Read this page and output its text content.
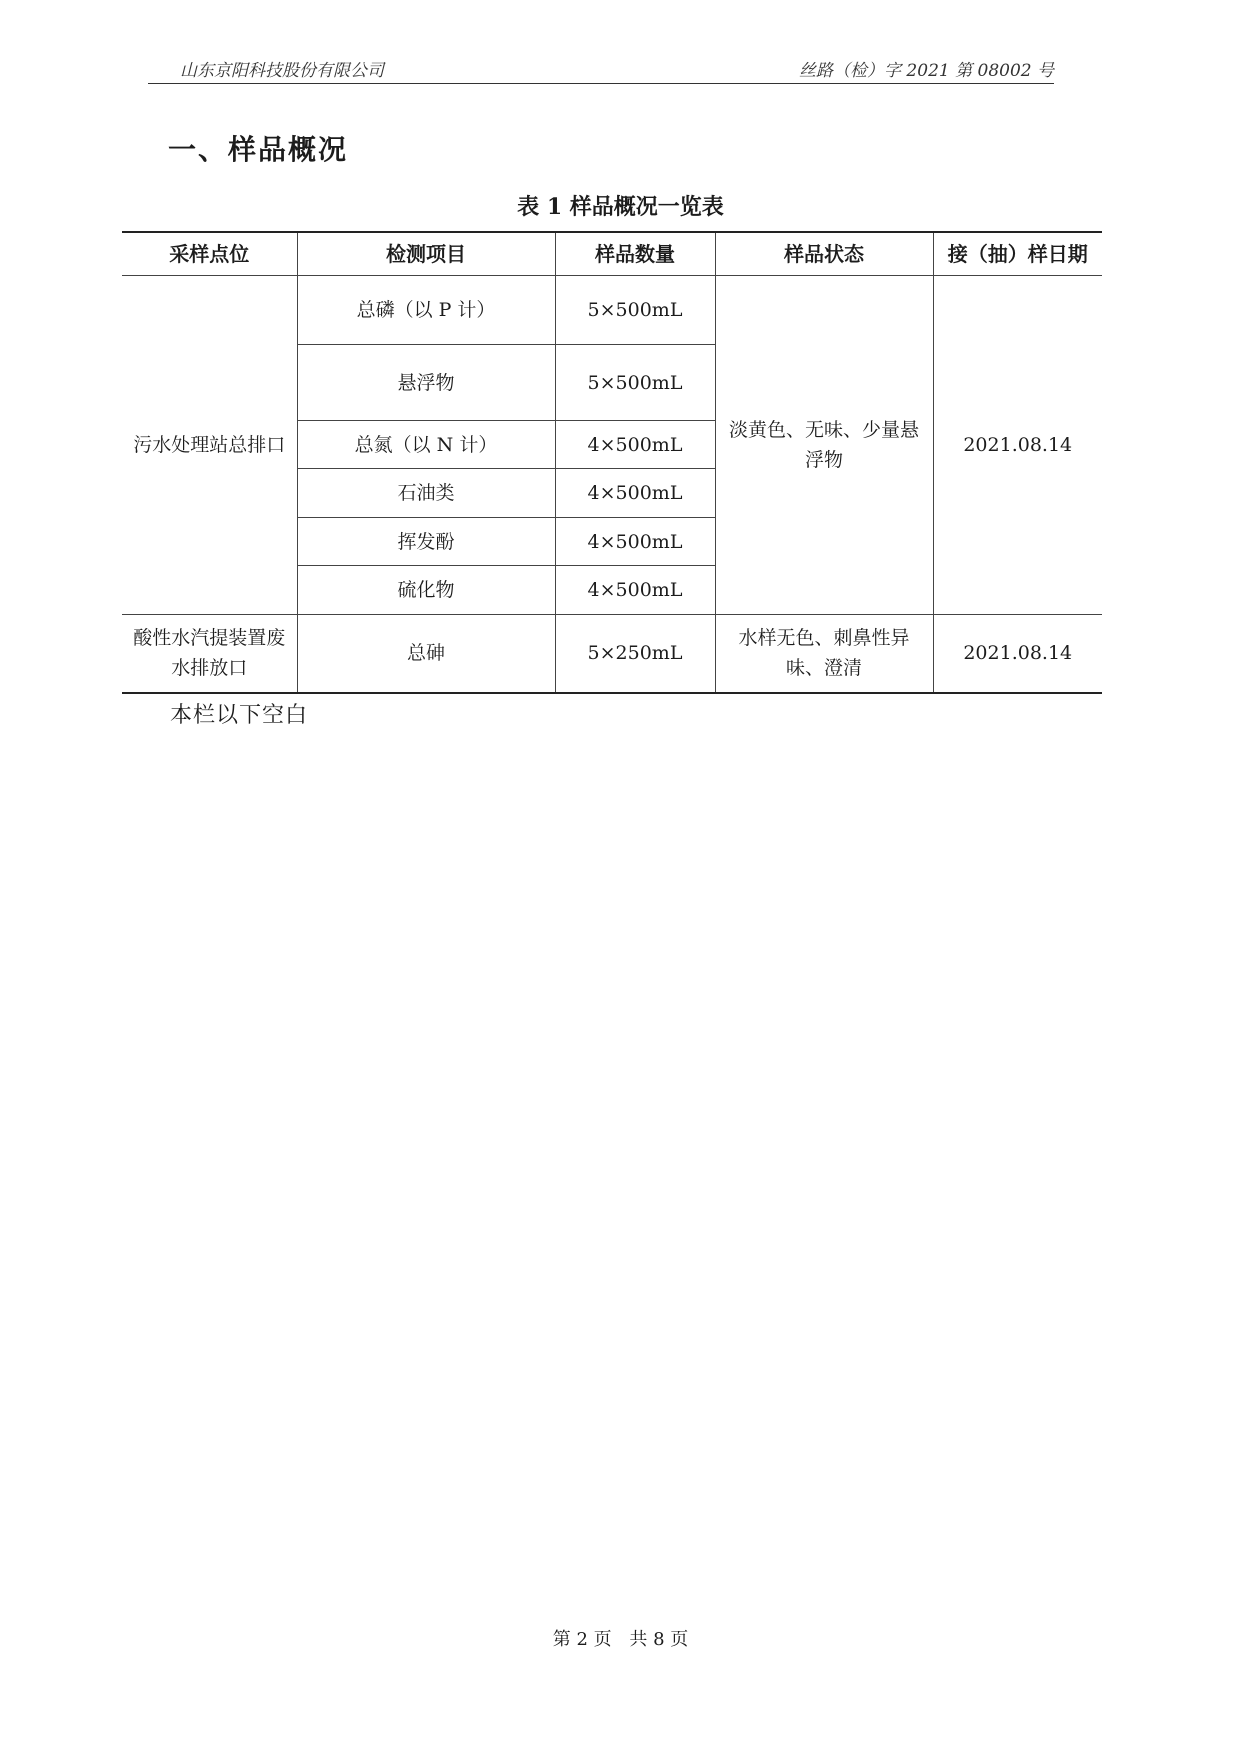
山东京阳科技股份有限公司	丝路（检）字 2021 第 08002 号
一、样品概况
表 1 样品概况一览表
采样点位	检测项目	样品数量	样品状态	接（抽）样日期
污水处理站总排口	总磷（以 P 计）	5×500mL	淡黄色、无味、少量悬浮物	2021.08.14
	悬浮物	5×500mL		
	总氮（以 N 计）	4×500mL		
	石油类	4×500mL		
	挥发酚	4×500mL		
	硫化物	4×500mL		
酸性水汽提装置废水排放口	总砷	5×250mL	水样无色、刺鼻性异味、澄清	2021.08.14
本栏以下空白
第 2 页 共 8 页
